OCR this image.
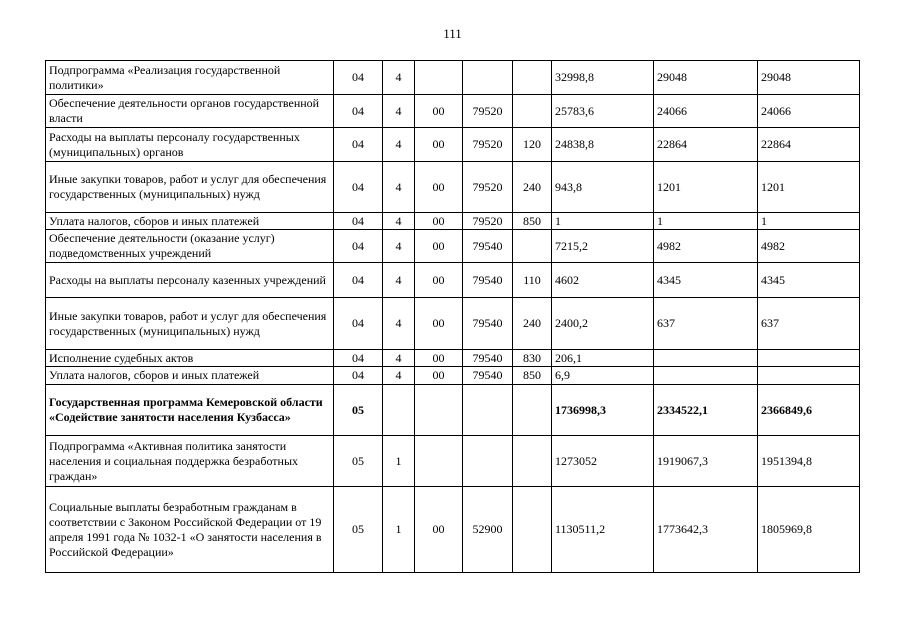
111
Подпрограмма «Реализация государственной политики»	04	4				32998,8	29048	29048
Обеспечение деятельности органов государственной власти	04	4	00	79520		25783,6	24066	24066
Расходы на выплаты персоналу государственных (муниципальных) органов	04	4	00	79520	120	24838,8	22864	22864
Иные закупки товаров, работ и услуг для обеспечения государственных (муниципальных) нужд	04	4	00	79520	240	943,8	1201	1201
Уплата налогов, сборов и иных платежей	04	4	00	79520	850	1	1	1
Обеспечение деятельности (оказание услуг) подведомственных учреждений	04	4	00	79540		7215,2	4982	4982
Расходы на выплаты персоналу казенных учреждений	04	4	00	79540	110	4602	4345	4345
Иные закупки товаров, работ и услуг для обеспечения государственных (муниципальных) нужд	04	4	00	79540	240	2400,2	637	637
Исполнение судебных актов	04	4	00	79540	830	206,1		
Уплата налогов, сборов и иных платежей	04	4	00	79540	850	6,9		
Государственная программа Кемеровской области «Содействие занятости населения Кузбасса»	05					1736998,3	2334522,1	2366849,6
Подпрограмма «Активная политика занятости населения и социальная поддержка безработных граждан»	05	1				1273052	1919067,3	1951394,8
Социальные выплаты безработным гражданам в соответствии с Законом Российской Федерации от 19 апреля 1991 года № 1032-1 «О занятости населения в Российской Федерации»	05	1	00	52900		1130511,2	1773642,3	1805969,8
